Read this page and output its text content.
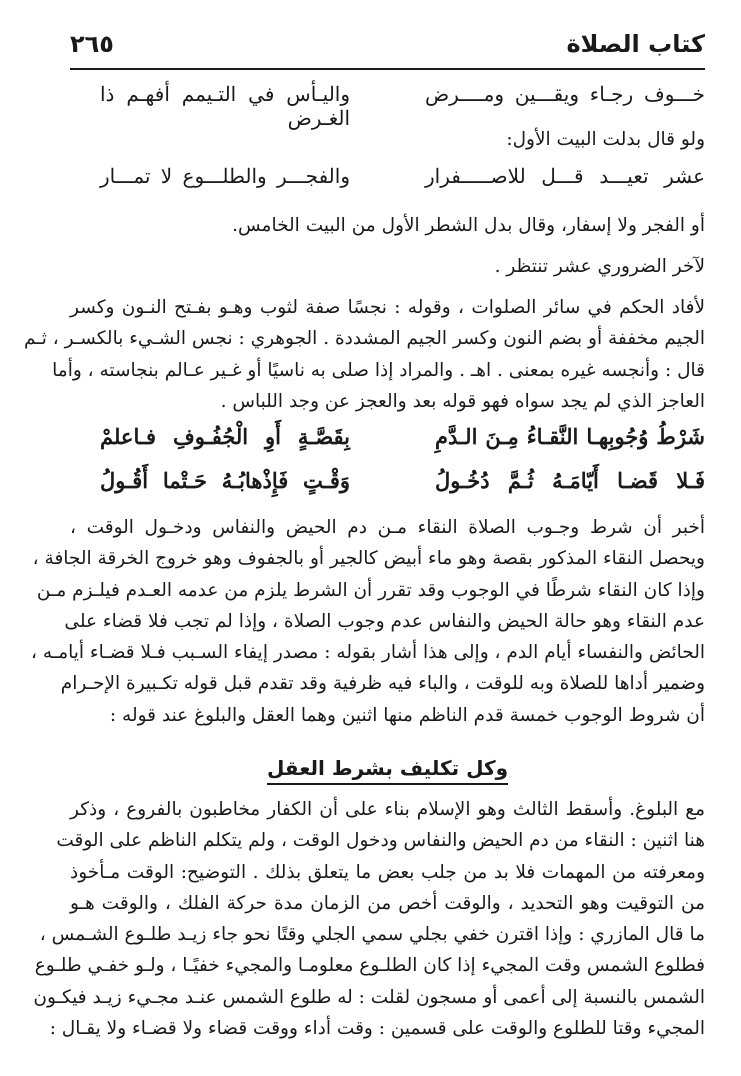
كتاب الصلاة
٢٦٥
خـــوف رجـاء ويقـــين ومــــرض
واليـأس في التـيمم أفهـم ذا الغـرض
ولو قال بدلت البيت الأول:
عشر تعيـــد قـــل للاصـــــفرار
والفجـــر والطلـــوع لا تمـــار
أو الفجر ولا إسفار، وقال بدل الشطر الأول من البيت الخامس.
لآخر الضروري عشر تنتظر .
لأفاد الحكم في سائر الصلوات ، وقوله : نجسًا صفة لثوب وهـو بفـتح النـون وكسر
الجيم مخففة أو بضم النون وكسر الجيم المشددة . الجوهري : نجس الشـيء بالكسـر ، ثـم
قال : وأنجسه غيره بمعنى . اهـ . والمراد إذا صلى به ناسيًا أو غـير عـالم بنجاسته ، وأما
العاجز الذي لم يجد سواه فهو قوله بعد والعجز عن وجد اللباس .
شَرْطُ وُجُوبِهـا النَّقـاءُ مِـنَ الـدَّمِ
بِقَصَّـةٍ أَوِ الْجُفُـوفِ فـاعلمْ
فَـلا قَضـا أَيّامَـهُ ثُـمَّ دُخُـولُ
وَقْـتٍ فَإِذْهابُـهُ حَـتْما أَقُـولُ
أخبر أن شرط وجـوب الصلاة النقاء مـن دم الحيض والنفاس ودخـول الوقت ،
ويحصل النقاء المذكور بقصة وهو ماء أبيض كالجير أو بالجفوف وهو خروج الخرقة الجافة ،
وإذا كان النقاء شرطًا في الوجوب وقد تقرر أن الشرط يلزم من عدمه العـدم فيلـزم مـن
عدم النقاء وهو حالة الحيض والنفاس عدم وجوب الصلاة ، وإذا لم تجب فلا قضاء على
الحائض والنفساء أيام الدم ، وإلى هذا أشار بقوله : مصدر إيفاء السـبب فـلا قضـاء أيامـه ،
وضمير أداها للصلاة وبه للوقت ، والباء فيه ظرفية وقد تقدم قبل قوله تكـبيرة الإحـرام
أن شروط الوجوب خمسة قدم الناظم منها اثنين وهما العقل والبلوغ عند قوله :
وكل تكليف بشرط العقل
مع البلوغ. وأسقط الثالث وهو الإسلام بناء على أن الكفار مخاطبون بالفروع ، وذكر
هنا اثنين : النقاء من دم الحيض والنفاس ودخول الوقت ، ولم يتكلم الناظم على الوقت
ومعرفته من المهمات فلا بد من جلب بعض ما يتعلق بذلك . التوضيح: الوقت مـأخوذ
من التوقيت وهو التحديد ، والوقت أخص من الزمان مدة حركة الفلك ، والوقت هـو
ما قال المازري : وإذا اقترن خفي بجلي سمي الجلي وقتًا نحو جاء زيـد طلـوع الشـمس ،
فطلوع الشمس وقت المجيء إذا كان الطلـوع معلومـا والمجيء خفيًـا ، ولـو خفـي طلـوع
الشمس بالنسبة إلى أعمى أو مسجون لقلت : له طلوع الشمس عنـد مجـيء زيـد فيكـون
المجيء وقتا للطلوع والوقت على قسمين : وقت أداء ووقت قضاء ولا قضـاء ولا يقـال :
